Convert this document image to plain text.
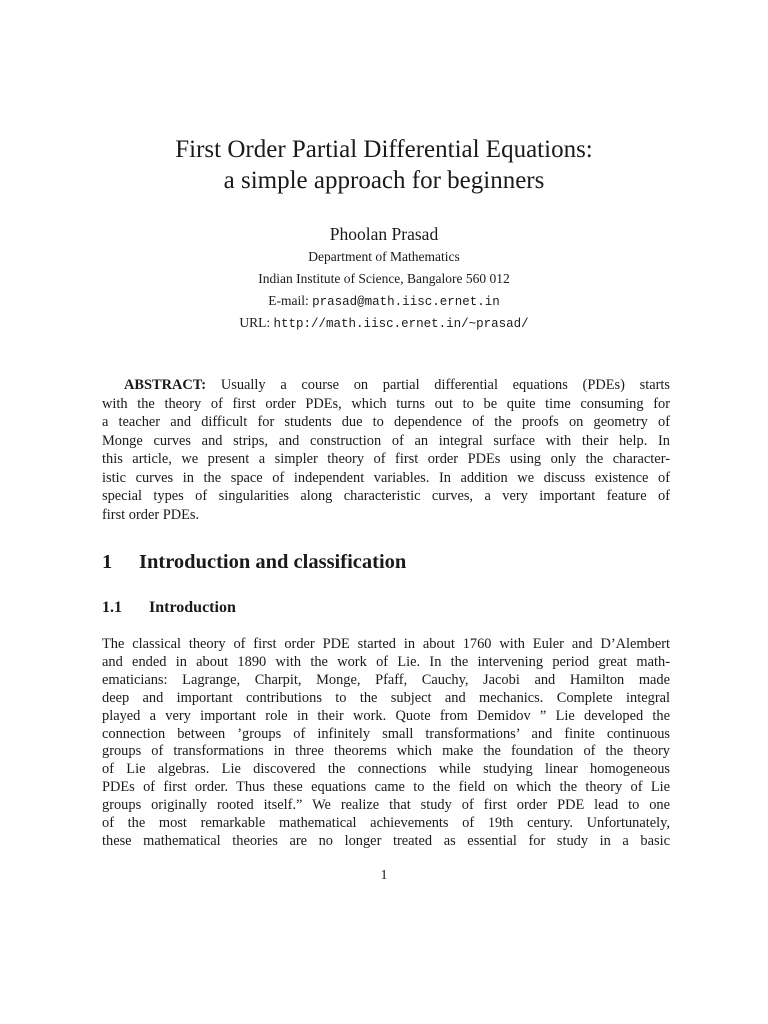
First Order Partial Differential Equations:
a simple approach for beginners
Phoolan Prasad
Department of Mathematics
Indian Institute of Science, Bangalore 560 012
E-mail: prasad@math.iisc.ernet.in
URL: http://math.iisc.ernet.in/~prasad/
ABSTRACT: Usually a course on partial differential equations (PDEs) starts
with the theory of first order PDEs, which turns out to be quite time consuming for
a teacher and difficult for students due to dependence of the proofs on geometry of
Monge curves and strips, and construction of an integral surface with their help. In
this article, we present a simpler theory of first order PDEs using only the character-
istic curves in the space of independent variables. In addition we discuss existence of
special types of singularities along characteristic curves, a very important feature of
first order PDEs.
1 Introduction and classification
1.1 Introduction
The classical theory of first order PDE started in about 1760 with Euler and D’Alembert
and ended in about 1890 with the work of Lie. In the intervening period great math-
ematicians: Lagrange, Charpit, Monge, Pfaff, Cauchy, Jacobi and Hamilton made
deep and important contributions to the subject and mechanics. Complete integral
played a very important role in their work. Quote from Demidov ” Lie developed the
connection between ’groups of infinitely small transformations’ and finite continuous
groups of transformations in three theorems which make the foundation of the theory
of Lie algebras. Lie discovered the connections while studying linear homogeneous
PDEs of first order. Thus these equations came to the field on which the theory of Lie
groups originally rooted itself.” We realize that study of first order PDE lead to one
of the most remarkable mathematical achievements of 19th century. Unfortunately,
these mathematical theories are no longer treated as essential for study in a basic
1
